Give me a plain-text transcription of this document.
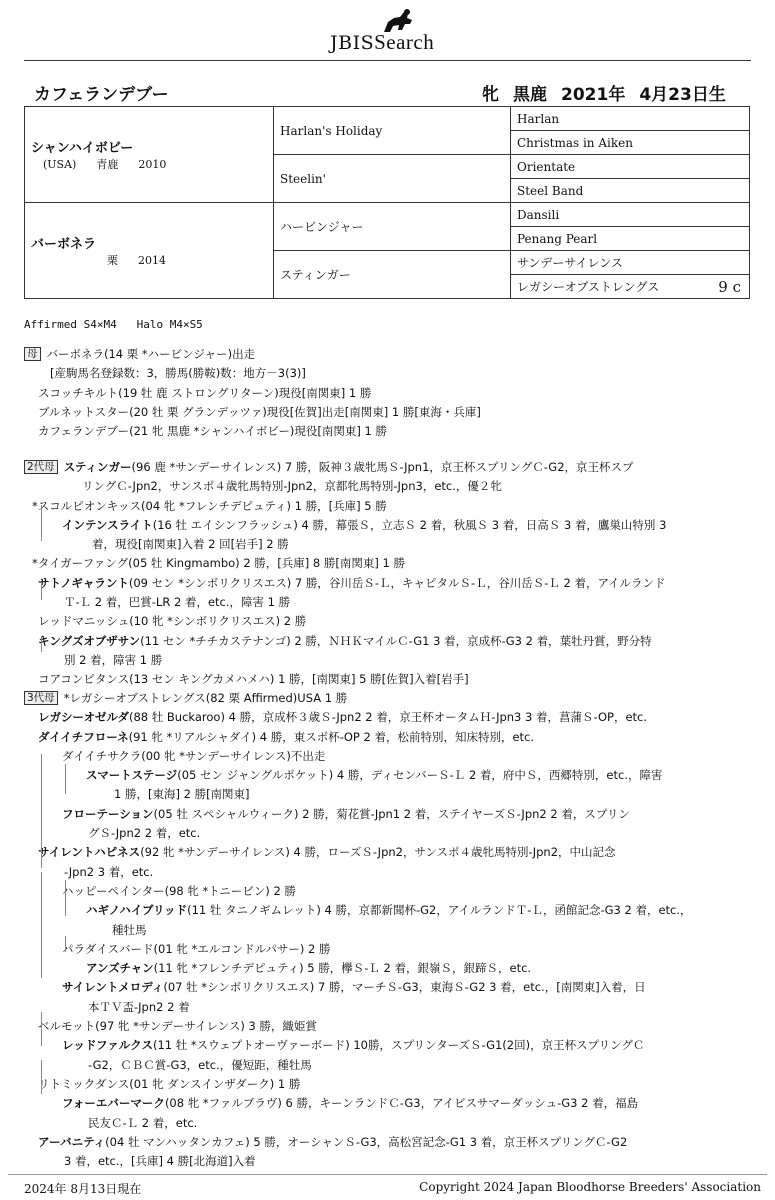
JBISSearch
カフェランデブー	牝 黒鹿 2021年 4月23日生
シャンハイボビー
(USA) 青鹿 2010	Harlan's Holiday	Harlan
		Christmas in Aiken
	Steelin'	Orientate
		Steel Band

バーボネラ
栗 2014	ハービンジャー	Dansili
		Penang Pearl
	スティンガー	サンデーサイレンス
		レガシーオブストレングス 9 c
Affirmed S4×M4   Halo M4×S5
母 バーボネラ(14 栗 *ハービンジャー)出走
[産駒馬名登録数：3，勝馬(勝鞍)数：地方－3(3)]
スコッチキルト(19 牡 鹿 ストロングリターン)現役[南関東] 1 勝
ブルネットスター(20 牡 栗 グランデッツァ)現役[佐賀]出走[南関東] 1 勝[東海・兵庫]
カフェランデブー(21 牝 黒鹿 *シャンハイボビー)現役[南関東] 1 勝
2代母 スティンガー(96 鹿 *サンデーサイレンス) 7 勝，阪神３歳牝馬Ｓ-Jpn1，京王杯スプリングＣ-G2，京王杯スプ
リングＣ-Jpn2，サンスポ４歳牝馬特別-Jpn2，京都牝馬特別-Jpn3，etc.，優２牝
*スコルピオンキッス(04 牝 *フレンチデピュティ) 1 勝，[兵庫] 5 勝
インテンスライト(16 牡 エイシンフラッシュ) 4 勝，幕張Ｓ，立志Ｓ 2 着，秋風Ｓ 3 着，日高Ｓ 3 着，鷹巣山特別 3
着，現役[南関東]入着 2 回[岩手] 2 勝
*タイガーファング(05 牡 Kingmambo) 2 勝，[兵庫] 8 勝[南関東] 1 勝
サトノギャラント(09 セン *シンボリクリスエス) 7 勝，谷川岳Ｓ-Ｌ，キャピタルＳ-Ｌ，谷川岳Ｓ-Ｌ 2 着，アイルランド
Ｔ-Ｌ 2 着，巴賞-LR 2 着，etc.，障害 1 勝
レッドマニッシュ(10 牝 *シンボリクリスエス) 2 勝
キングズオブザサン(11 セン *チチカステナンゴ) 2 勝，ＮＨＫマイルＣ-G1 3 着，京成杯-G3 2 着，葉牡丹賞，野分特
別 2 着，障害 1 勝
コアコンピタンス(13 セン キングカメハメハ) 1 勝，[南関東] 5 勝[佐賀]入着[岩手]
3代母 *レガシーオブストレングス(82 栗 Affirmed)USA 1 勝
レガシーオゼルダ(88 牡 Buckaroo) 4 勝，京成杯３歳Ｓ-Jpn2 2 着，京王杯オータムＨ-Jpn3 3 着，菖蒲Ｓ-OP，etc.
ダイイチフローネ(91 牝 *リアルシャダイ) 4 勝，東スポ杯-OP 2 着，松前特別，知床特別，etc.
ダイイチサクラ(00 牝 *サンデーサイレンス)不出走
スマートステージ(05 セン ジャングルポケット) 4 勝，ディセンバーＳ-Ｌ 2 着，府中Ｓ，西郷特別，etc.，障害
1 勝，[東海] 2 勝[南関東]
フローテーション(05 牡 スペシャルウィーク) 2 勝，菊花賞-Jpn1 2 着，ステイヤーズＳ-Jpn2 2 着，スプリン
グＳ-Jpn2 2 着，etc.
サイレントハピネス(92 牝 *サンデーサイレンス) 4 勝，ローズＳ-Jpn2，サンスポ４歳牝馬特別-Jpn2，中山記念
-Jpn2 3 着，etc.
ハッピーペインター(98 牝 *トニービン) 2 勝
ハギノハイブリッド(11 牡 タニノギムレット) 4 勝，京都新聞杯-G2，アイルランドＴ-Ｌ，函館記念-G3 2 着，etc.，
種牡馬
パラダイスバード(01 牝 *エルコンドルパサー) 2 勝
アンズチャン(11 牝 *フレンチデピュティ) 5 勝，欅Ｓ-Ｌ 2 着，銀嶺Ｓ，銀蹄Ｓ，etc.
サイレントメロディ(07 牡 *シンボリクリスエス) 7 勝，マーチＳ-G3，東海Ｓ-G2 3 着，etc.，[南関東]入着，日
本ＴＶ盃-Jpn2 2 着
ベルモット(97 牝 *サンデーサイレンス) 3 勝，織姫賞
レッドファルクス(11 牡 *スウェプトオーヴァーボード) 10勝，スプリンターズＳ-G1(2回)，京王杯スプリングＣ
-G2，ＣＢＣ賞-G3，etc.，優短距，種牡馬
リトミックダンス(01 牝 ダンスインザダーク) 1 勝
フォーエバーマーク(08 牝 *ファルブラヴ) 6 勝，キーンランドＣ-G3，アイビスサマーダッシュ-G3 2 着，福島
民友Ｃ-Ｌ 2 着，etc.
アーバニティ(04 牡 マンハッタンカフェ) 5 勝，オーシャンＳ-G3，高松宮記念-G1 3 着，京王杯スプリングＣ-G2
3 着，etc.，[兵庫] 4 勝[北海道]入着
2024年 8月13日現在	Copyright 2024 Japan Bloodhorse Breeders' Association
